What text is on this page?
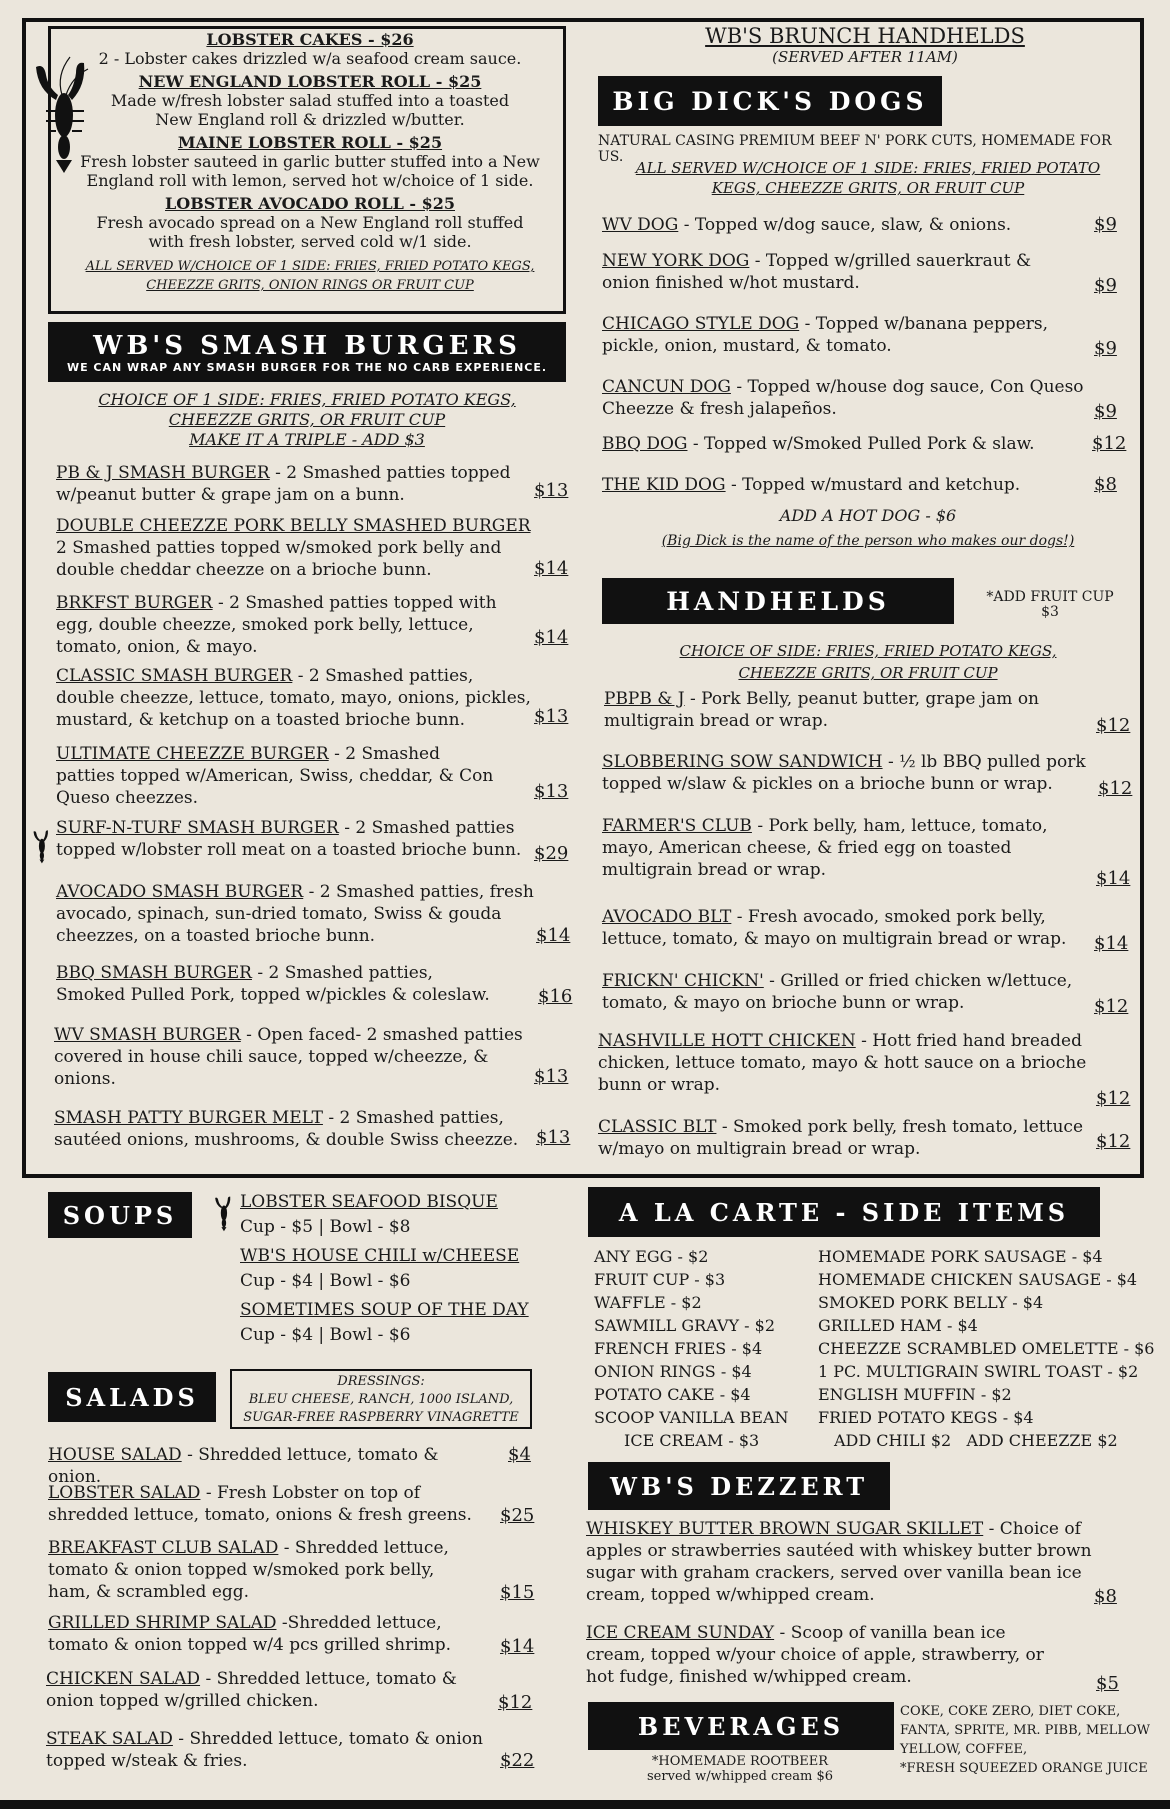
LOBSTER CAKES - $26
2 - Lobster cakes drizzled w/a seafood cream sauce.
NEW ENGLAND LOBSTER ROLL - $25
Made w/fresh lobster salad stuffed into a toasted New England roll & drizzled w/butter.
MAINE LOBSTER ROLL - $25
Fresh lobster sauteed in garlic butter stuffed into a New England roll with lemon, served hot w/choice of 1 side.
LOBSTER AVOCADO ROLL - $25
Fresh avocado spread on a New England roll stuffed with fresh lobster, served cold w/1 side.
ALL SERVED W/CHOICE OF 1 SIDE: FRIES, FRIED POTATO KEGS, CHEEZZE GRITS, ONION RINGS OR FRUIT CUP
WB'S SMASH BURGERS
WE CAN WRAP ANY SMASH BURGER FOR THE NO CARB EXPERIENCE.
CHOICE OF 1 SIDE: FRIES, FRIED POTATO KEGS,
CHEEZZE GRITS, OR FRUIT CUP
MAKE IT A TRIPLE - ADD $3
PB & J SMASH BURGER - 2 Smashed patties topped w/peanut butter & grape jam on a bunn.	$13
DOUBLE CHEEZZE PORK BELLY SMASHED BURGER
2 Smashed patties topped w/smoked pork belly and double cheddar cheezze on a brioche bunn.	$14
BRKFST BURGER - 2 Smashed patties topped with egg, double cheezze, smoked pork belly, lettuce, tomato, onion, & mayo.	$14
CLASSIC SMASH BURGER - 2 Smashed patties, double cheezze, lettuce, tomato, mayo, onions, pickles, mustard, & ketchup on a toasted brioche bunn.	$13
ULTIMATE CHEEZZE BURGER - 2 Smashed patties topped w/American, Swiss, cheddar, & Con Queso cheezzes.	$13
SURF-N-TURF SMASH BURGER - 2 Smashed patties topped w/lobster roll meat on a toasted brioche bunn. $29
AVOCADO SMASH BURGER - 2 Smashed patties, fresh avocado, spinach, sun-dried tomato, Swiss & gouda cheezzes, on a toasted brioche bunn.	$14
BBQ SMASH BURGER - 2 Smashed patties, Smoked Pulled Pork, topped w/pickles & coleslaw.	$16
WV SMASH BURGER - Open faced- 2 smashed patties covered in house chili sauce, topped w/cheezze, & onions.	$13
SMASH PATTY BURGER MELT - 2 Smashed patties, sautéed onions, mushrooms, & double Swiss cheezze. $13
WB'S BRUNCH HANDHELDS
(SERVED AFTER 11AM)
BIG DICK'S DOGS
NATURAL CASING PREMIUM BEEF N' PORK CUTS, HOMEMADE FOR US.
ALL SERVED W/CHOICE OF 1 SIDE: FRIES, FRIED POTATO
KEGS, CHEEZZE GRITS, OR FRUIT CUP
WV DOG - Topped w/dog sauce, slaw, & onions.	$9
NEW YORK DOG - Topped w/grilled sauerkraut & onion finished w/hot mustard.	$9
CHICAGO STYLE DOG - Topped w/banana peppers, pickle, onion, mustard, & tomato.	$9
CANCUN DOG - Topped w/house dog sauce, Con Queso Cheezze & fresh jalapeños.	$9
BBQ DOG - Topped w/Smoked Pulled Pork & slaw.	$12
THE KID DOG - Topped w/mustard and ketchup.	$8
ADD A HOT DOG - $6
(Big Dick is the name of the person who makes our dogs!)
HANDHELDS	*ADD FRUIT CUP
$3
CHOICE OF SIDE: FRIES, FRIED POTATO KEGS,
CHEEZZE GRITS, OR FRUIT CUP
PBPB & J - Pork Belly, peanut butter, grape jam on multigrain bread or wrap.	$12
SLOBBERING SOW SANDWICH - ½ lb BBQ pulled pork topped w/slaw & pickles on a brioche bunn or wrap.	$12
FARMER'S CLUB - Pork belly, ham, lettuce, tomato, mayo, American cheese, & fried egg on toasted multigrain bread or wrap.	$14
AVOCADO BLT - Fresh avocado, smoked pork belly, lettuce, tomato, & mayo on multigrain bread or wrap.	$14
FRICKN' CHICKN' - Grilled or fried chicken w/lettuce, tomato, & mayo on brioche bunn or wrap.	$12
NASHVILLE HOTT CHICKEN - Hott fried hand breaded chicken, lettuce tomato, mayo & hott sauce on a brioche bunn or wrap.
$12
CLASSIC BLT - Smoked pork belly, fresh tomato, lettuce w/mayo on multigrain bread or wrap.	$12
SOUPS	LOBSTER SEAFOOD BISQUE
Cup - $5 | Bowl - $8
WB'S HOUSE CHILI w/CHEESE
Cup - $4 | Bowl - $6
SOMETIMES SOUP OF THE DAY
Cup - $4 | Bowl - $6
SALADS
DRESSINGS:
BLEU CHEESE, RANCH, 1000 ISLAND,
SUGAR-FREE RASPBERRY VINAGRETTE
HOUSE SALAD - Shredded lettuce, tomato & onion.
$4
LOBSTER SALAD - Fresh Lobster on top of shredded lettuce, tomato, onions & fresh greens.	$25
BREAKFAST CLUB SALAD - Shredded lettuce, tomato & onion topped w/smoked pork belly, ham, & scrambled egg.	$15
GRILLED SHRIMP SALAD -Shredded lettuce, tomato & onion topped w/4 pcs grilled shrimp.	$14
CHICKEN SALAD - Shredded lettuce, tomato & onion topped w/grilled chicken.	$12
STEAK SALAD - Shredded lettuce, tomato & onion topped w/steak & fries.	$22
A LA CARTE - SIDE ITEMS
ANY EGG - $2
FRUIT CUP - $3
WAFFLE - $2
SAWMILL GRAVY - $2
FRENCH FRIES - $4
ONION RINGS - $4
POTATO CAKE - $4
SCOOP VANILLA BEAN
ICE CREAM - $3
HOMEMADE PORK SAUSAGE - $4
HOMEMADE CHICKEN SAUSAGE - $4
SMOKED PORK BELLY - $4
GRILLED HAM - $4
CHEEZZE SCRAMBLED OMELETTE - $6
1 PC. MULTIGRAIN SWIRL TOAST - $2
ENGLISH MUFFIN - $2
FRIED POTATO KEGS - $4
ADD CHILI $2   ADD CHEEZZE $2
WB'S DEZZERT
WHISKEY BUTTER BROWN SUGAR SKILLET - Choice of apples or strawberries sautéed with whiskey butter brown sugar with graham crackers, served over vanilla bean ice cream, topped w/whipped cream.	$8
ICE CREAM SUNDAY - Scoop of vanilla bean ice cream, topped w/your choice of apple, strawberry, or hot fudge, finished w/whipped cream.	$5
BEVERAGES
*HOMEMADE ROOTBEER
served w/whipped cream $6
COKE, COKE ZERO, DIET COKE,
FANTA, SPRITE, MR. PIBB, MELLOW
YELLOW, COFFEE,
*FRESH SQUEEZED ORANGE JUICE
